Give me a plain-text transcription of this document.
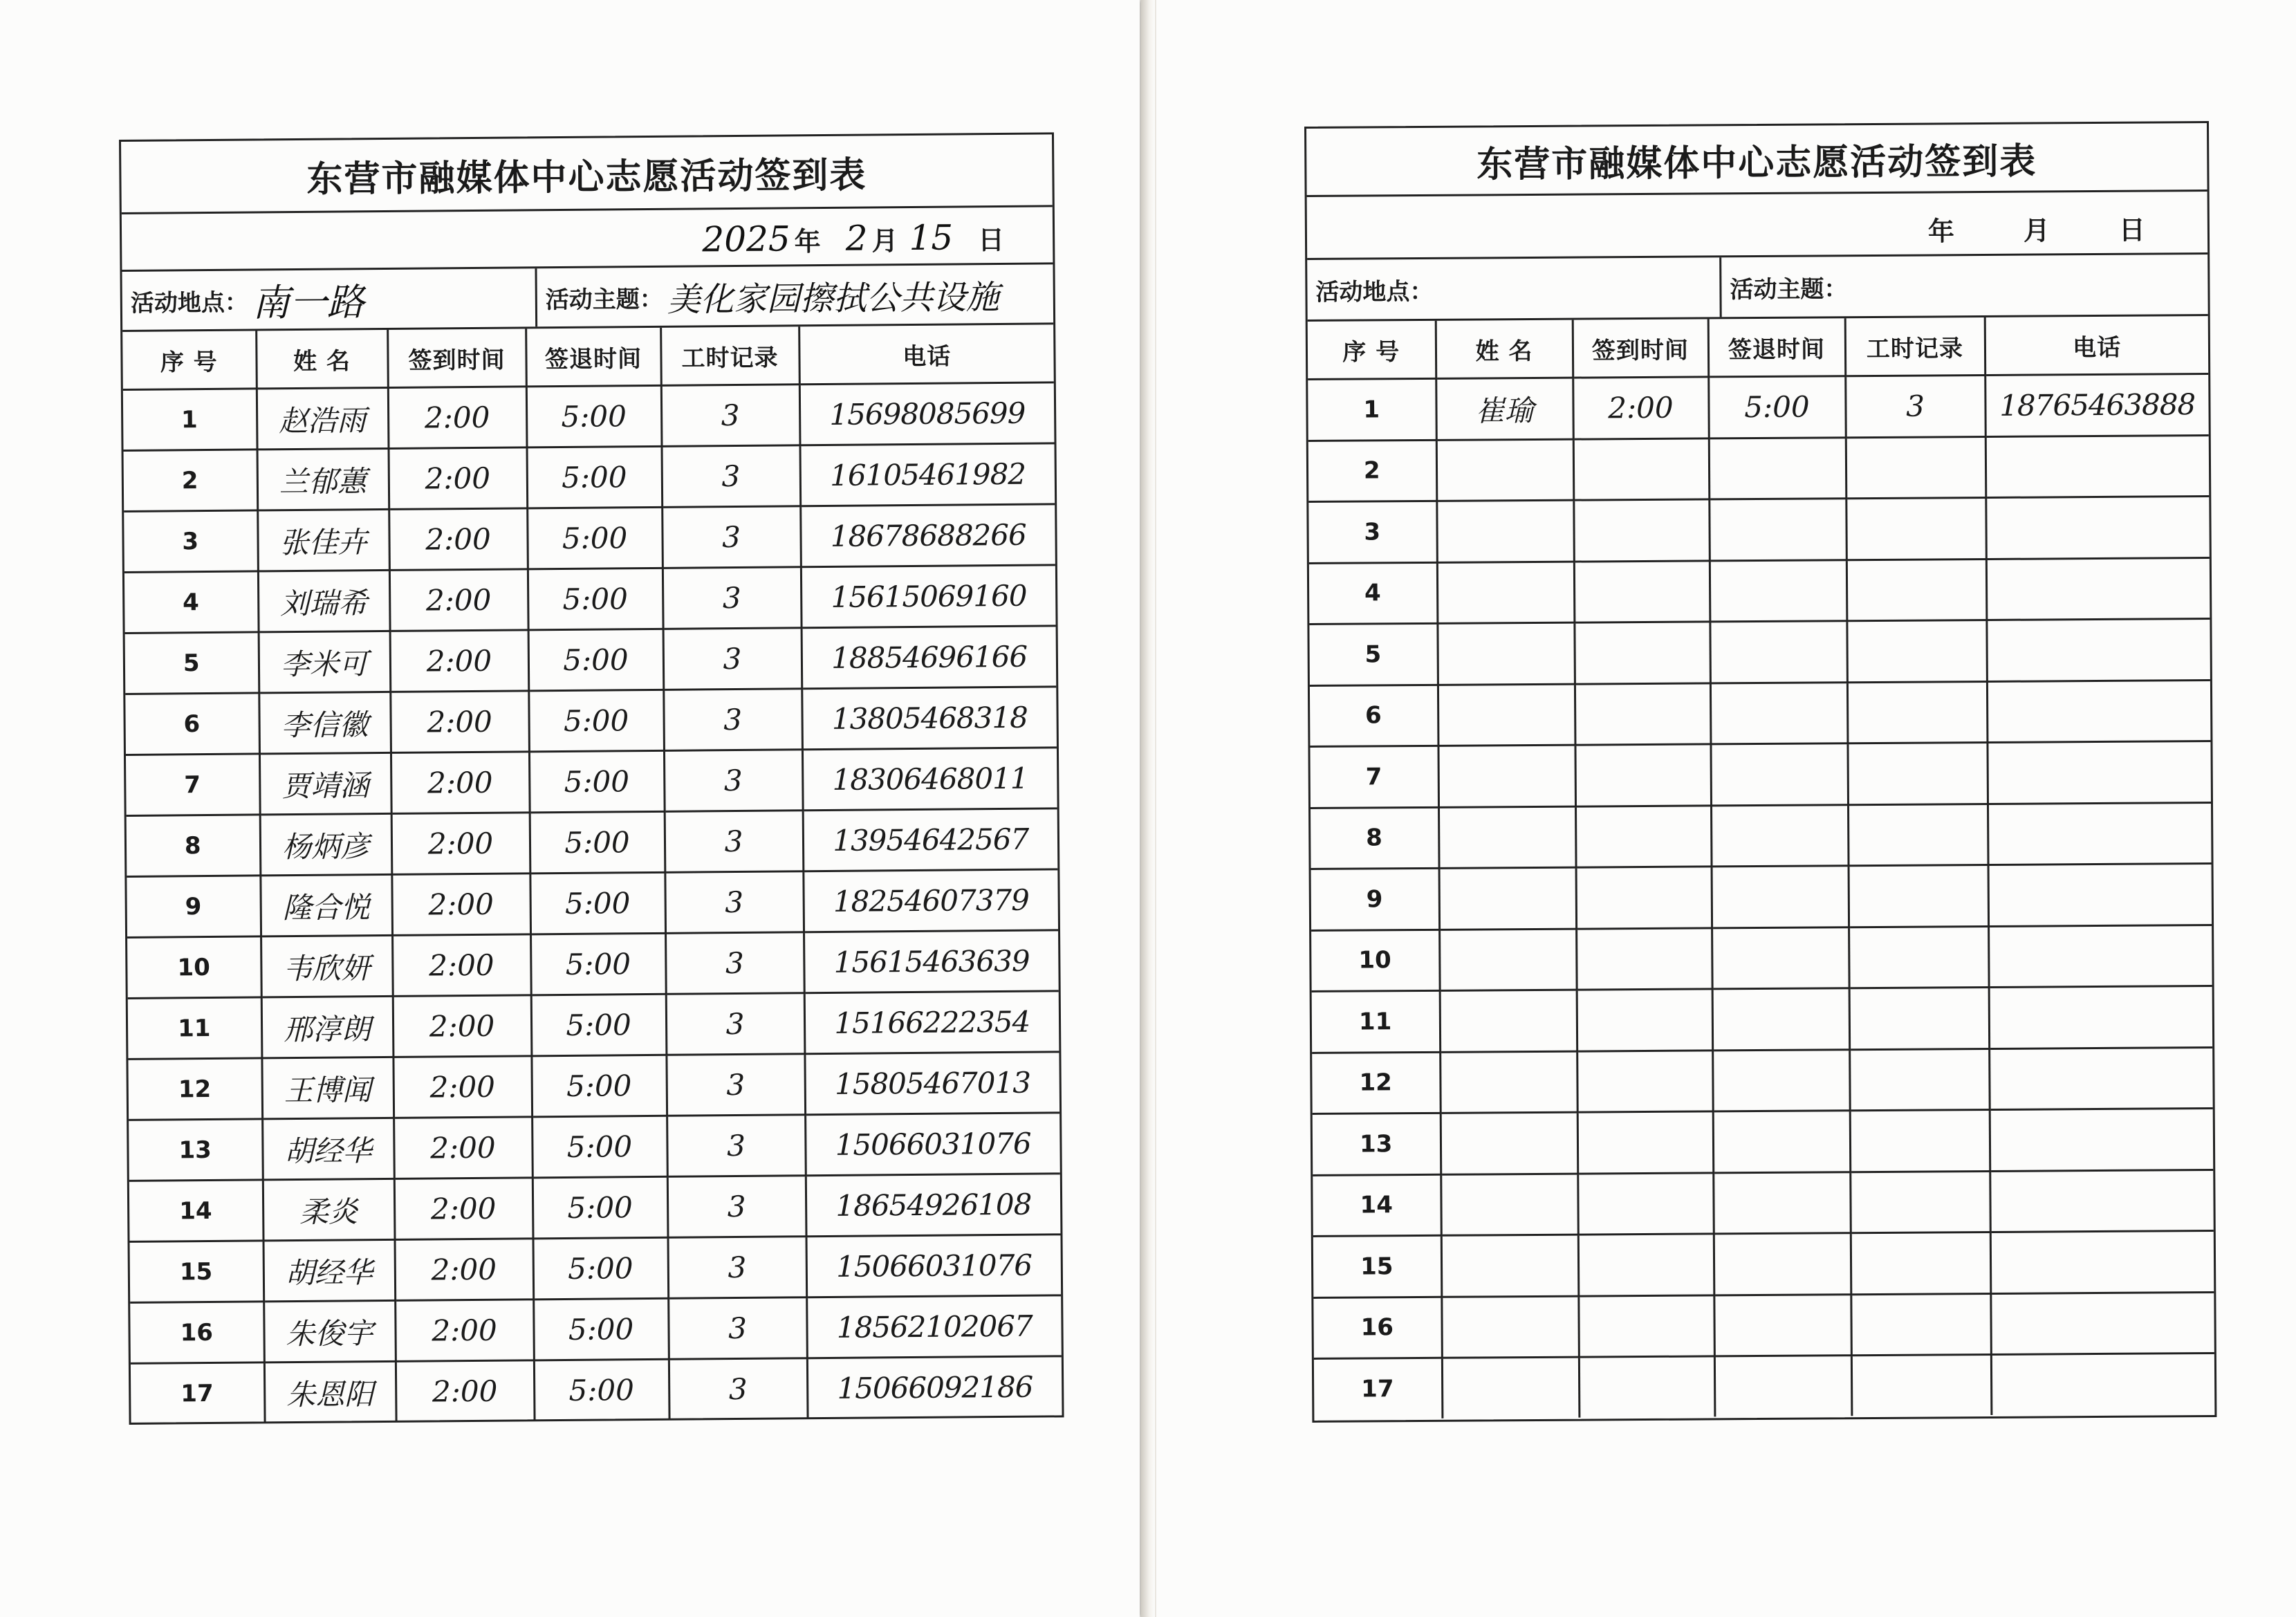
东营市融媒体中心志愿活动签到表
2025 年 2 月 15 日
活动地点： 南一路	活动主题： 美化家园擦拭公共设施
序 号	姓 名	签到时间	签退时间	工时记录	电话
1	赵浩雨	2:00	5:00	3	15698085699
2	兰郁蕙	2:00	5:00	3	16105461982
3	张佳卉	2:00	5:00	3	18678688266
4	刘瑞希	2:00	5:00	3	15615069160
5	李米可	2:00	5:00	3	18854696166
6	李信徽	2:00	5:00	3	13805468318
7	贾靖涵	2:00	5:00	3	18306468011
8	杨炳彦	2:00	5:00	3	13954642567
9	隆合悦	2:00	5:00	3	18254607379
10	韦欣妍	2:00	5:00	3	15615463639
11	邢淳朗	2:00	5:00	3	15166222354
12	王博闻	2:00	5:00	3	15805467013
13	胡经华	2:00	5:00	3	15066031076
14	柔炎	2:00	5:00	3	18654926108
15	胡经华	2:00	5:00	3	15066031076
16	朱俊宇	2:00	5:00	3	18562102067
17	朱恩阳	2:00	5:00	3	15066092186
东营市融媒体中心志愿活动签到表
年	月	日
活动地点：	活动主题：
序 号	姓 名	签到时间	签退时间	工时记录	电话
1	崔瑜	2:00	5:00	3	18765463888
2					
3					
4					
5					
6					
7					
8					
9					
10					
11					
12					
13					
14					
15					
16					
17					
